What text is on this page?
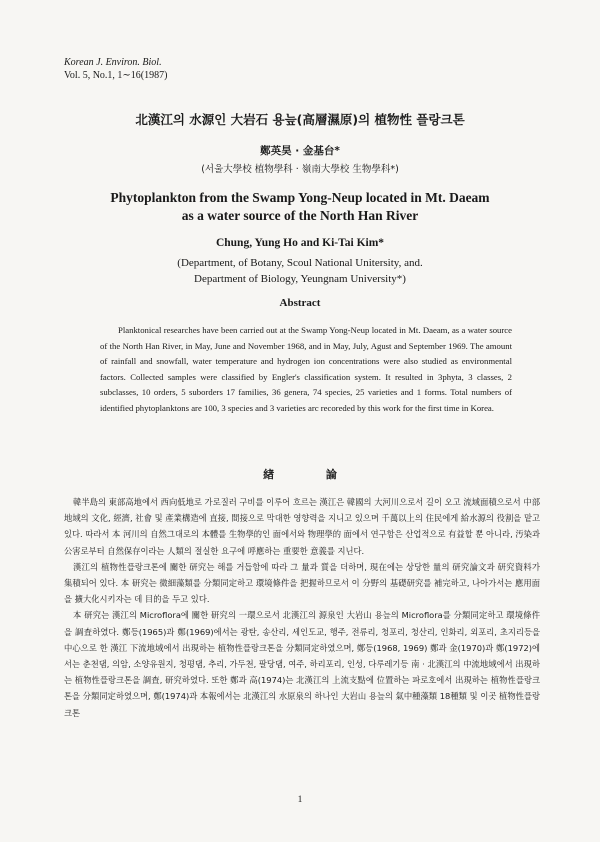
Korean J. Environ. Biol.
Vol. 5, No.1, 1∼16(1987)
北漢江의 水源인 大岩石 용늪(高層濕原)의 植物性 플랑크톤
鄭英昊 · 金基台*
(서울大學校 植物學科 · 嶺南大學校 生物學科*)
Phytoplankton from the Swamp Yong-Neup located in Mt. Daeam
as a water source of the North Han River
Chung, Yung Ho and Ki-Tai Kim*
(Department, of Botany, Scoul National Unitersity, and.
Department of Biology, Yeungnam University*)
Abstract

Planktonical researches have been carried out at the Swamp Yong-Neup located in Mt. Daeam, as a water source of the North Han River, in May, June and November 1968, and in May, July, Agust and September 1969. The amount of rainfall and snowfall, water temperature and hydrogen ion concentrations were also studied as environmental factors. Collected samples were classified by Engler's classification system. It resulted in 3phyta, 3 classes, 2 subclasses, 10 orders, 5 suborders 17 families, 36 genera, 74 species, 25 varieties and 1 forms. Total numbers of identified phytoplanktons are 100, 3 species and 3 varieties arc recoreded by this work for the first time in Korea.

緖 論

韓半島의 東部高地에서 西向低地로 가로질러 구비를 이루어 흐르는 漢江은 韓國의 大河川으로서 길이 오고 流域面積으로서 中部地域의 文化, 經濟, 社會 및 產業構造에 直接, 間接으로 막대한 영향력을 지니고 있으며 千萬以上의 住民에게 給水源의 役割을 맡고 있다. 따라서 本 河川의 自然그대로의 本體를 生物學的인 面에서와 物理學的 面에서 연구함은 산업적으로 有益할 뿐 아니라, 汚染과 公害로부터 自然保存이라는 人類의 절실한 요구에 呼應하는 重要한 意義를 지닌다.

漢江의 植物性플랑크톤에 關한 研究는 해를 거듭함에 따라 그 量과 質을 더하며, 現在에는 상당한 量의 研究論文과 研究資料가 集積되어 있다. 本 研究는 微細藻類를 分類同定하고 環境條件을 把握하므로서 이 分野의 基礎研究를 補完하고, 나아가서는 應用面을 擴大化시키자는 데 目的을 두고 있다.

本 研究는 漢江의 Microflora에 關한 研究의 一環으로서 北漢江의 源泉인 大岩山 용늪의 Microflora를 分類同定하고 環境條件을 調査하였다. 鄭등(1965)과 鄭(1969)에서는 광탄, 송산리, 세인도교, 행주, 전류리, 청포리, 청산리, 인화리, 외포리, 초지리등을 中心으로 한 漢江 下流地域에서 出現하는 植物性플랑크톤을 分類同定하였으며, 鄭등(1968, 1969) 鄭과 金(1970)과 鄭(1972)에서는 춘천댐, 의암, 소양유원지, 청평댐, 추리, 가두천, 팔당댐, 여주, 하리포리, 인성, 다루레기등 南 · 北漢江의 中流地域에서 出現하는 植物性플랑크톤을 調査, 研究하였다. 또한 鄭과 高(1974)는 北漢江의 上流支點에 位置하는 파로호에서 出現하는 植物性플랑크톤을 分類同定하였으며, 鄭(1974)과 本報에서는 北漢江의 水原泉의 하나인 大岩山 용늪의 氣中種藻類 18種類 및 이곳 植物性플랑크톤

1
